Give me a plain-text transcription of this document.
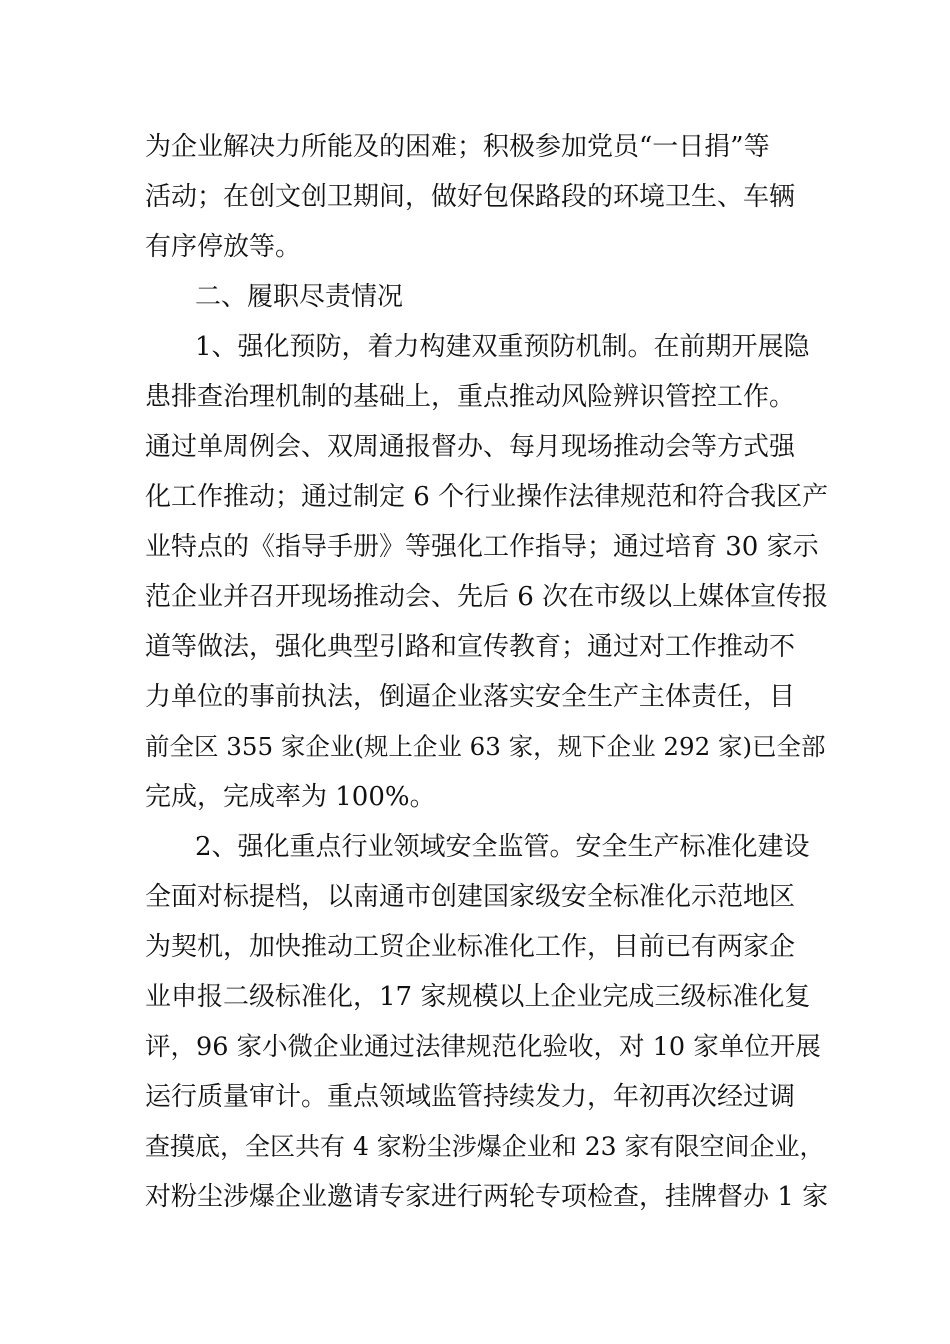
为企业解决力所能及的困难；积极参加党员“一日捐”等
活动；在创文创卫期间，做好包保路段的环境卫生、车辆
有序停放等。
二、履职尽责情况
1、强化预防，着力构建双重预防机制。在前期开展隐
患排查治理机制的基础上，重点推动风险辨识管控工作。
通过单周例会、双周通报督办、每月现场推动会等方式强
化工作推动；通过制定 6 个行业操作法律规范和符合我区产
业特点的《指导手册》等强化工作指导；通过培育 30 家示
范企业并召开现场推动会、先后 6 次在市级以上媒体宣传报
道等做法，强化典型引路和宣传教育；通过对工作推动不
力单位的事前执法，倒逼企业落实安全生产主体责任，目
前全区 355 家企业(规上企业 63 家，规下企业 292 家)已全部
完成，完成率为 100%。
2、强化重点行业领域安全监管。安全生产标准化建设
全面对标提档，以南通市创建国家级安全标准化示范地区
为契机，加快推动工贸企业标准化工作，目前已有两家企
业申报二级标准化，17 家规模以上企业完成三级标准化复
评，96 家小微企业通过法律规范化验收，对 10 家单位开展
运行质量审计。重点领域监管持续发力，年初再次经过调
查摸底，全区共有 4 家粉尘涉爆企业和 23 家有限空间企业，
对粉尘涉爆企业邀请专家进行两轮专项检查，挂牌督办 1 家
